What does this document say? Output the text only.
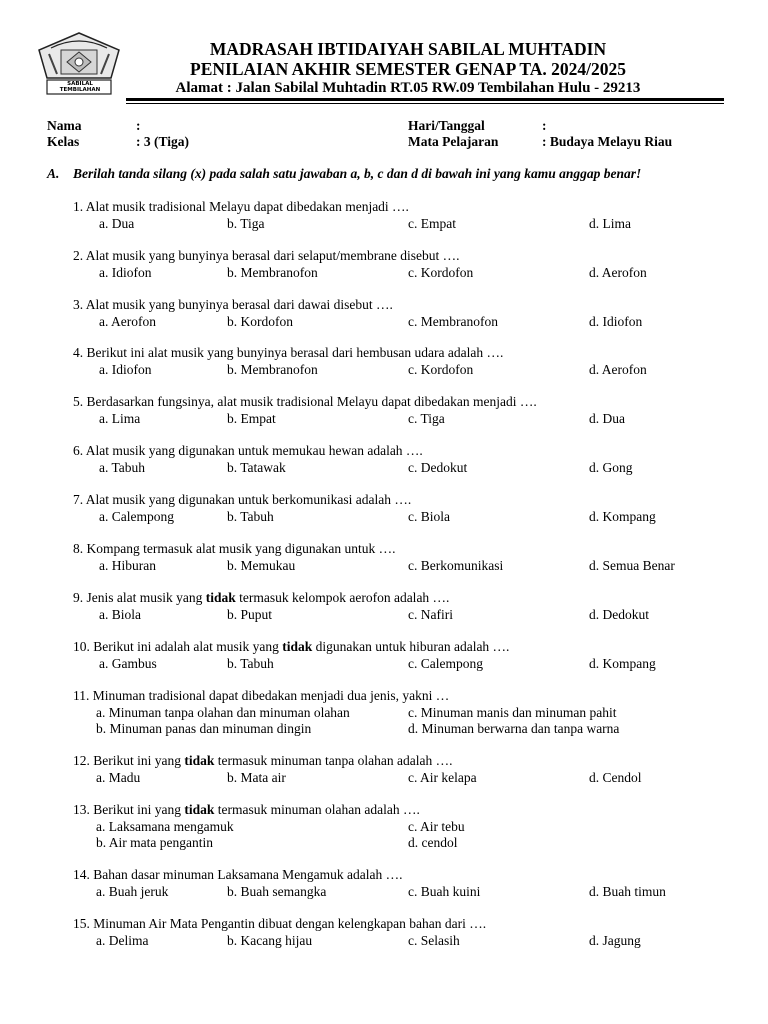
SABILAL TEMBILAHAN
MADRASAH IBTIDAIYAH SABILAL MUHTADIN
PENILAIAN AKHIR SEMESTER GENAP TA. 2024/2025
Alamat : Jalan Sabilal Muhtadin RT.05 RW.09 Tembilahan Hulu - 29213
Nama	:
Kelas	: 3 (Tiga)
Hari/Tanggal	:
Mata Pelajaran	: Budaya Melayu Riau
A. Berilah tanda silang (x) pada salah satu jawaban a, b, c dan d di bawah ini yang kamu anggap benar!
1. Alat musik tradisional Melayu dapat dibedakan menjadi ….
a. Dua	b. Tiga	c. Empat	d. Lima
2. Alat musik yang bunyinya berasal dari selaput/membrane disebut ….
a. Idiofon	b. Membranofon	c. Kordofon	d. Aerofon
3. Alat musik yang bunyinya berasal dari dawai disebut ….
a. Aerofon	b. Kordofon	c. Membranofon	d. Idiofon
4. Berikut ini alat musik yang bunyinya berasal dari hembusan udara adalah ….
a. Idiofon	b. Membranofon	c. Kordofon	d. Aerofon
5. Berdasarkan fungsinya, alat musik tradisional Melayu dapat dibedakan menjadi ….
a. Lima	b. Empat	c. Tiga	d. Dua
6. Alat musik yang digunakan untuk memukau hewan adalah ….
a. Tabuh	b. Tatawak	c. Dedokut	d. Gong
7. Alat musik yang digunakan untuk berkomunikasi adalah ….
a. Calempong	b. Tabuh	c. Biola	d. Kompang
8. Kompang termasuk alat musik yang digunakan untuk ….
a. Hiburan	b. Memukau	c. Berkomunikasi	d. Semua Benar
9. Jenis alat musik yang tidak termasuk kelompok aerofon adalah ….
a. Biola	b. Puput	c. Nafiri	d. Dedokut
10. Berikut ini adalah alat musik yang tidak digunakan untuk hiburan adalah ….
a. Gambus	b. Tabuh	c. Calempong	d. Kompang
11. Minuman tradisional dapat dibedakan menjadi dua jenis, yakni …
a. Minuman tanpa olahan dan minuman olahan
b. Minuman panas dan minuman dingin
c. Minuman manis dan minuman pahit
d. Minuman berwarna dan tanpa warna
12. Berikut ini yang tidak termasuk minuman tanpa olahan adalah ….
a. Madu	b. Mata air	c. Air kelapa	d. Cendol
13. Berikut ini yang tidak termasuk minuman olahan adalah ….
a. Laksamana mengamuk
b. Air mata pengantin
c. Air tebu
d. cendol
14. Bahan dasar minuman Laksamana Mengamuk adalah ….
a. Buah jeruk	b. Buah semangka	c. Buah kuini	d. Buah timun
15. Minuman Air Mata Pengantin dibuat dengan kelengkapan bahan dari ….
a. Delima	b. Kacang hijau	c. Selasih	d. Jagung
